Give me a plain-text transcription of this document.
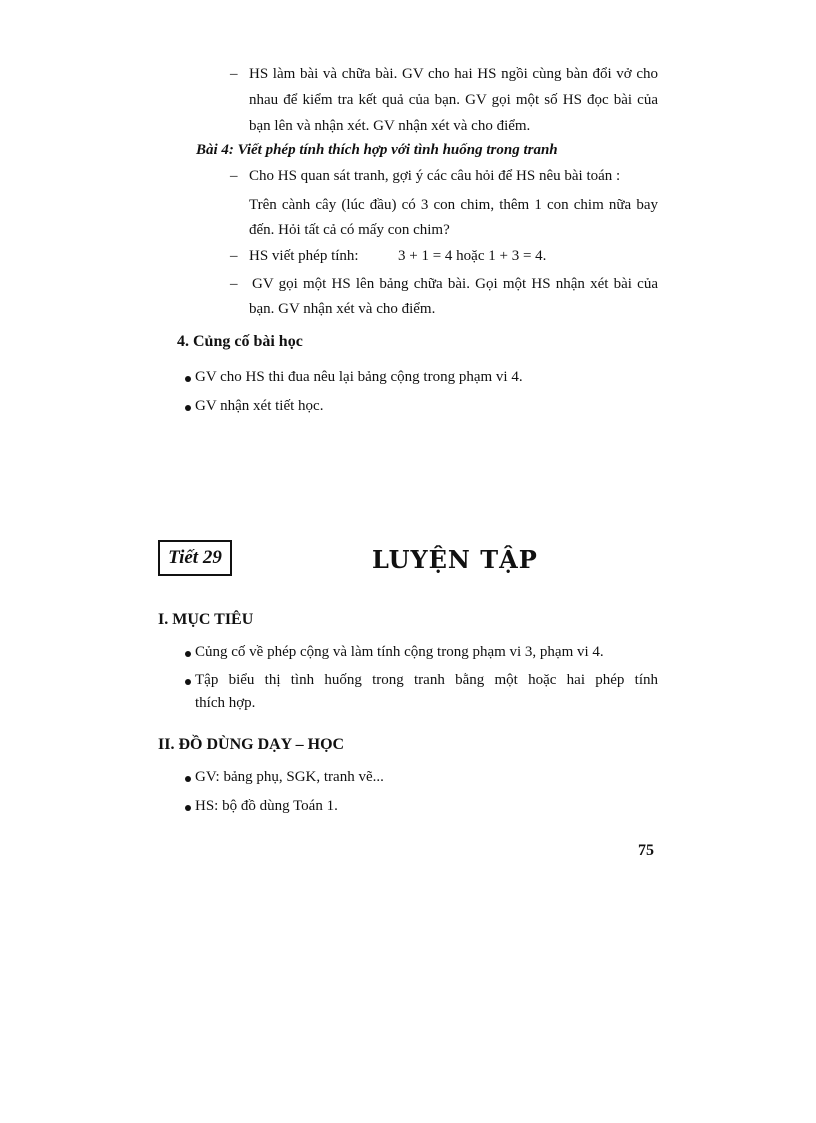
– HS làm bài và chữa bài. GV cho hai HS ngồi cùng bàn đổi vở cho
nhau để kiểm tra kết quả của bạn. GV gọi một số HS đọc bài của
bạn lên và nhận xét. GV nhận xét và cho điểm.
Bài 4: Viết phép tính thích hợp với tình huống trong tranh
– Cho HS quan sát tranh, gợi ý các câu hỏi để HS nêu bài toán :
Trên cành cây (lúc đầu) có 3 con chim, thêm 1 con chim nữa bay
đến. Hỏi tất cả có mấy con chim?
– HS viết phép tính:	3 + 1 = 4 hoặc 1 + 3 = 4.
– GV gọi một HS lên bảng chữa bài. Gọi một HS nhận xét bài của
bạn. GV nhận xét và cho điểm.
4. Củng cố bài học
GV cho HS thi đua nêu lại bảng cộng trong phạm vi 4.
GV nhận xét tiết học.
Tiết 29	LUYỆN TẬP
I. MỤC TIÊU
Củng cố về phép cộng và làm tính cộng trong phạm vi 3, phạm vi 4.
Tập biểu thị tình huống trong tranh bằng một hoặc hai phép tính
thích hợp.
II. ĐỒ DÙNG DẠY – HỌC
GV: bảng phụ, SGK, tranh vẽ...
HS: bộ đồ dùng Toán 1.
75
